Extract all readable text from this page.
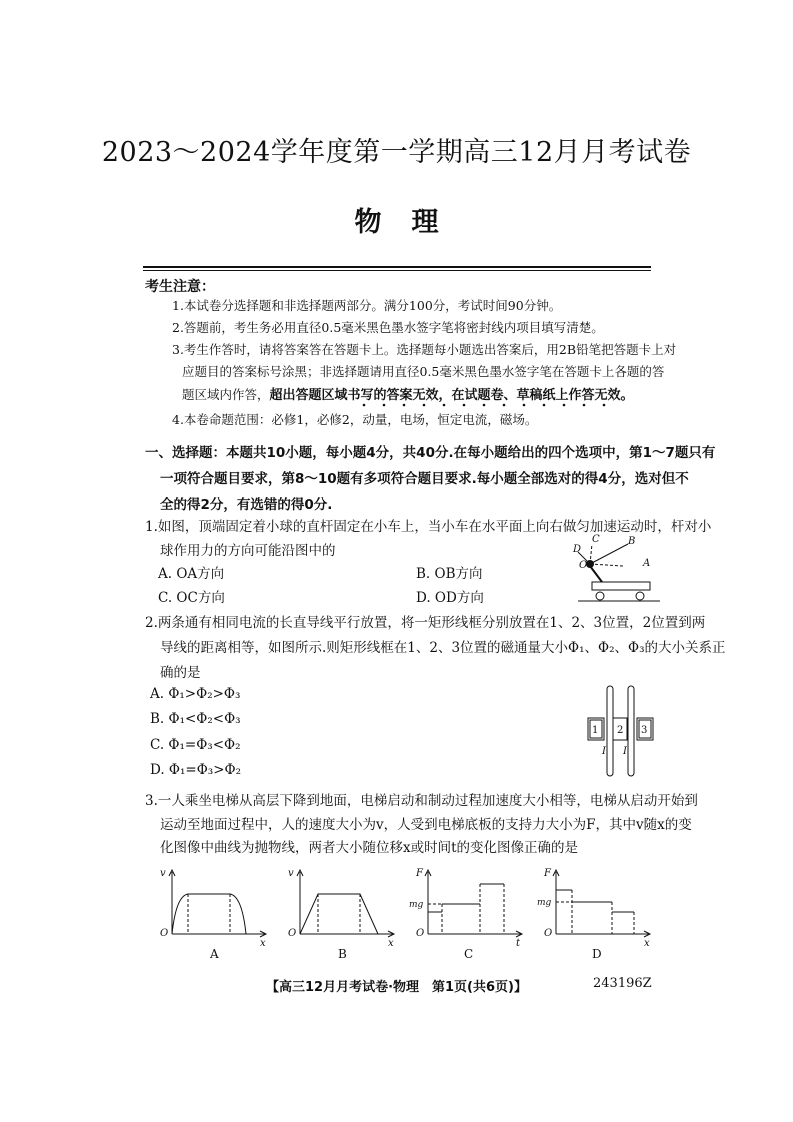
2023～2024学年度第一学期高三12月月考试卷
物理
考生注意：
1.本试卷分选择题和非选择题两部分。满分100分，考试时间90分钟。
2.答题前，考生务必用直径0.5毫米黑色墨水签字笔将密封线内项目填写清楚。
3.考生作答时，请将答案答在答题卡上。选择题每小题选出答案后，用2B铅笔把答题卡上对
应题目的答案标号涂黑；非选择题请用直径0.5毫米黑色墨水签字笔在答题卡上各题的答
题区域内作答，超出答题区域书写的答案无效，在试题卷、草稿纸上作答无效。
4.本卷命题范围：必修1，必修2，动量，电场，恒定电流，磁场。
一、选择题：本题共10小题，每小题4分，共40分.在每小题给出的四个选项中，第1～7题只有
一项符合题目要求，第8～10题有多项符合题目要求.每小题全部选对的得4分，选对但不
全的得2分，有选错的得0分.
1.如图，顶端固定着小球的直杆固定在小车上，当小车在水平面上向右做匀加速运动时，杆对小
球作用力的方向可能沿图中的
A. OA方向	B. OB方向
C. OC方向	D. OD方向
D
C	B
O	A
2.两条通有相同电流的长直导线平行放置，将一矩形线框分别放置在1、2、3位置，2位置到两
导线的距离相等，如图所示.则矩形线框在1、2、3位置的磁通量大小Φ₁、Φ₂、Φ₃的大小关系正
确的是
A. Φ₁>Φ₂>Φ₃
B. Φ₁<Φ₂<Φ₃
C. Φ₁=Φ₃<Φ₂
D. Φ₁=Φ₃>Φ₂
1 2 3
I I
3.一人乘坐电梯从高层下降到地面，电梯启动和制动过程加速度大小相等，电梯从启动开始到
运动至地面过程中，人的速度大小为v，人受到电梯底板的支持力大小为F，其中v随x的变
化图像中曲线为抛物线，两者大小随位移x或时间t的变化图像正确的是
v
O
x
A
v
O
x
B
F
mg
O
t
C
F
mg
O
x
D
【高三12月月考试卷·物理　第1页(共6页)】	243196Z
